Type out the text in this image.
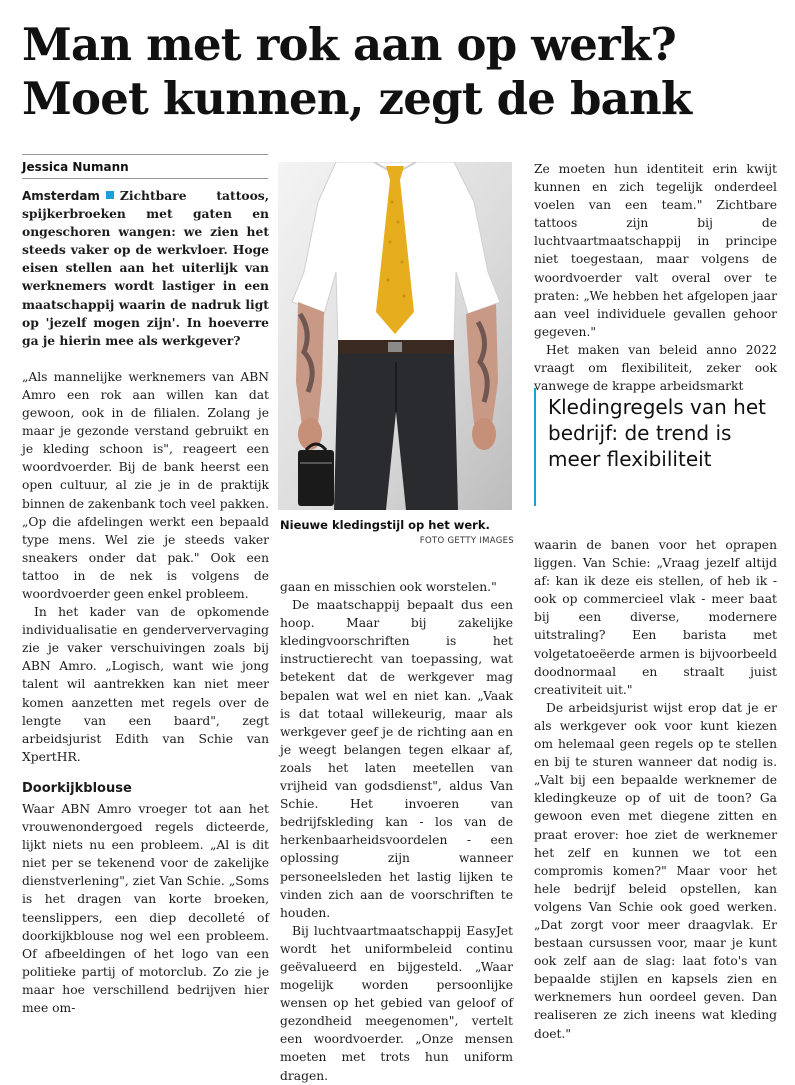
Man met rok aan op werk?
Moet kunnen, zegt de bank
Jessica Numann

Amsterdam Zichtbare tattoos, spijkerbroeken met gaten en ongeschoren wangen: we zien het steeds vaker op de werkvloer. Hoge eisen stellen aan het uiterlijk van werknemers wordt lastiger in een maatschappij waarin de nadruk ligt op 'jezelf mogen zijn'. In hoeverre ga je hierin mee als werkgever?

„Als mannelijke werknemers van ABN Amro een rok aan willen kan dat gewoon, ook in de filialen. Zolang je maar je gezonde verstand gebruikt en je kleding schoon is", reageert een woordvoerder. Bij de bank heerst een open cultuur, al zie je in de praktijk binnen de zakenbank toch veel pakken. „Op die afdelingen werkt een bepaald type mens. Wel zie je steeds vaker sneakers onder dat pak." Ook een tattoo in de nek is volgens de woordvoerder geen enkel probleem.

In het kader van de opkomende individualisatie en genderververvaging zie je vaker verschuivingen zoals bij ABN Amro. „Logisch, want wie jong talent wil aantrekken kan niet meer komen aanzetten met regels over de lengte van een baard", zegt arbeidsjurist Edith van Schie van XpertHR.

Doorkijkblouse

Waar ABN Amro vroeger tot aan het vrouwenondergoed regels dicteerde, lijkt niets nu een probleem. „Al is dit niet per se tekenend voor de zakelijke dienstverlening", ziet Van Schie. „Soms is het dragen van korte broeken, teenslippers, een diep decolleté of doorkijkblouse nog wel een probleem. Of afbeeldingen of het logo van een politieke partij of motorclub. Zo zie je maar hoe verschillend bedrijven hier mee om-

Nieuwe kledingstijl op het werk.
FOTO GETTY IMAGES

gaan en misschien ook worstelen."

De maatschappij bepaalt dus een hoop. Maar bij zakelijke kledingvoorschriften is het instructierecht van toepassing, wat betekent dat de werkgever mag bepalen wat wel en niet kan. „Vaak is dat totaal willekeurig, maar als werkgever geef je de richting aan en je weegt belangen tegen elkaar af, zoals het laten meetellen van vrijheid van godsdienst", aldus Van Schie. Het invoeren van bedrijfskleding kan - los van de herkenbaarheidsvoordelen - een oplossing zijn wanneer personeelsleden het lastig lijken te vinden zich aan de voorschriften te houden.

Bij luchtvaartmaatschappij EasyJet wordt het uniformbeleid continu geëvalueerd en bijgesteld. „Waar mogelijk worden persoonlijke wensen op het gebied van geloof of gezondheid meegenomen", vertelt een woordvoerder. „Onze mensen moeten met trots hun uniform dragen.

Ze moeten hun identiteit erin kwijt kunnen en zich tegelijk onderdeel voelen van een team." Zichtbare tattoos zijn bij de luchtvaartmaatschappij in principe niet toegestaan, maar volgens de woordvoerder valt overal over te praten: „We hebben het afgelopen jaar aan veel individuele gevallen gehoor gegeven."

Het maken van beleid anno 2022 vraagt om flexibiliteit, zeker ook vanwege de krappe arbeidsmarkt

Kledingregels van het bedrijf: de trend is meer flexibiliteit

waarin de banen voor het oprapen liggen. Van Schie: „Vraag jezelf altijd af: kan ik deze eis stellen, of heb ik - ook op commercieel vlak - meer baat bij een diverse, modernere uitstraling? Een barista met volgetatoeëerde armen is bijvoorbeeld doodnormaal en straalt juist creativiteit uit."

De arbeidsjurist wijst erop dat je er als werkgever ook voor kunt kiezen om helemaal geen regels op te stellen en bij te sturen wanneer dat nodig is. „Valt bij een bepaalde werknemer de kledingkeuze op of uit de toon? Ga gewoon even met diegene zitten en praat erover: hoe ziet de werknemer het zelf en kunnen we tot een compromis komen?" Maar voor het hele bedrijf beleid opstellen, kan volgens Van Schie ook goed werken. „Dat zorgt voor meer draagvlak. Er bestaan cursussen voor, maar je kunt ook zelf aan de slag: laat foto's van bepaalde stijlen en kapsels zien en werknemers hun oordeel geven. Dan realiseren ze zich ineens wat kleding doet."
